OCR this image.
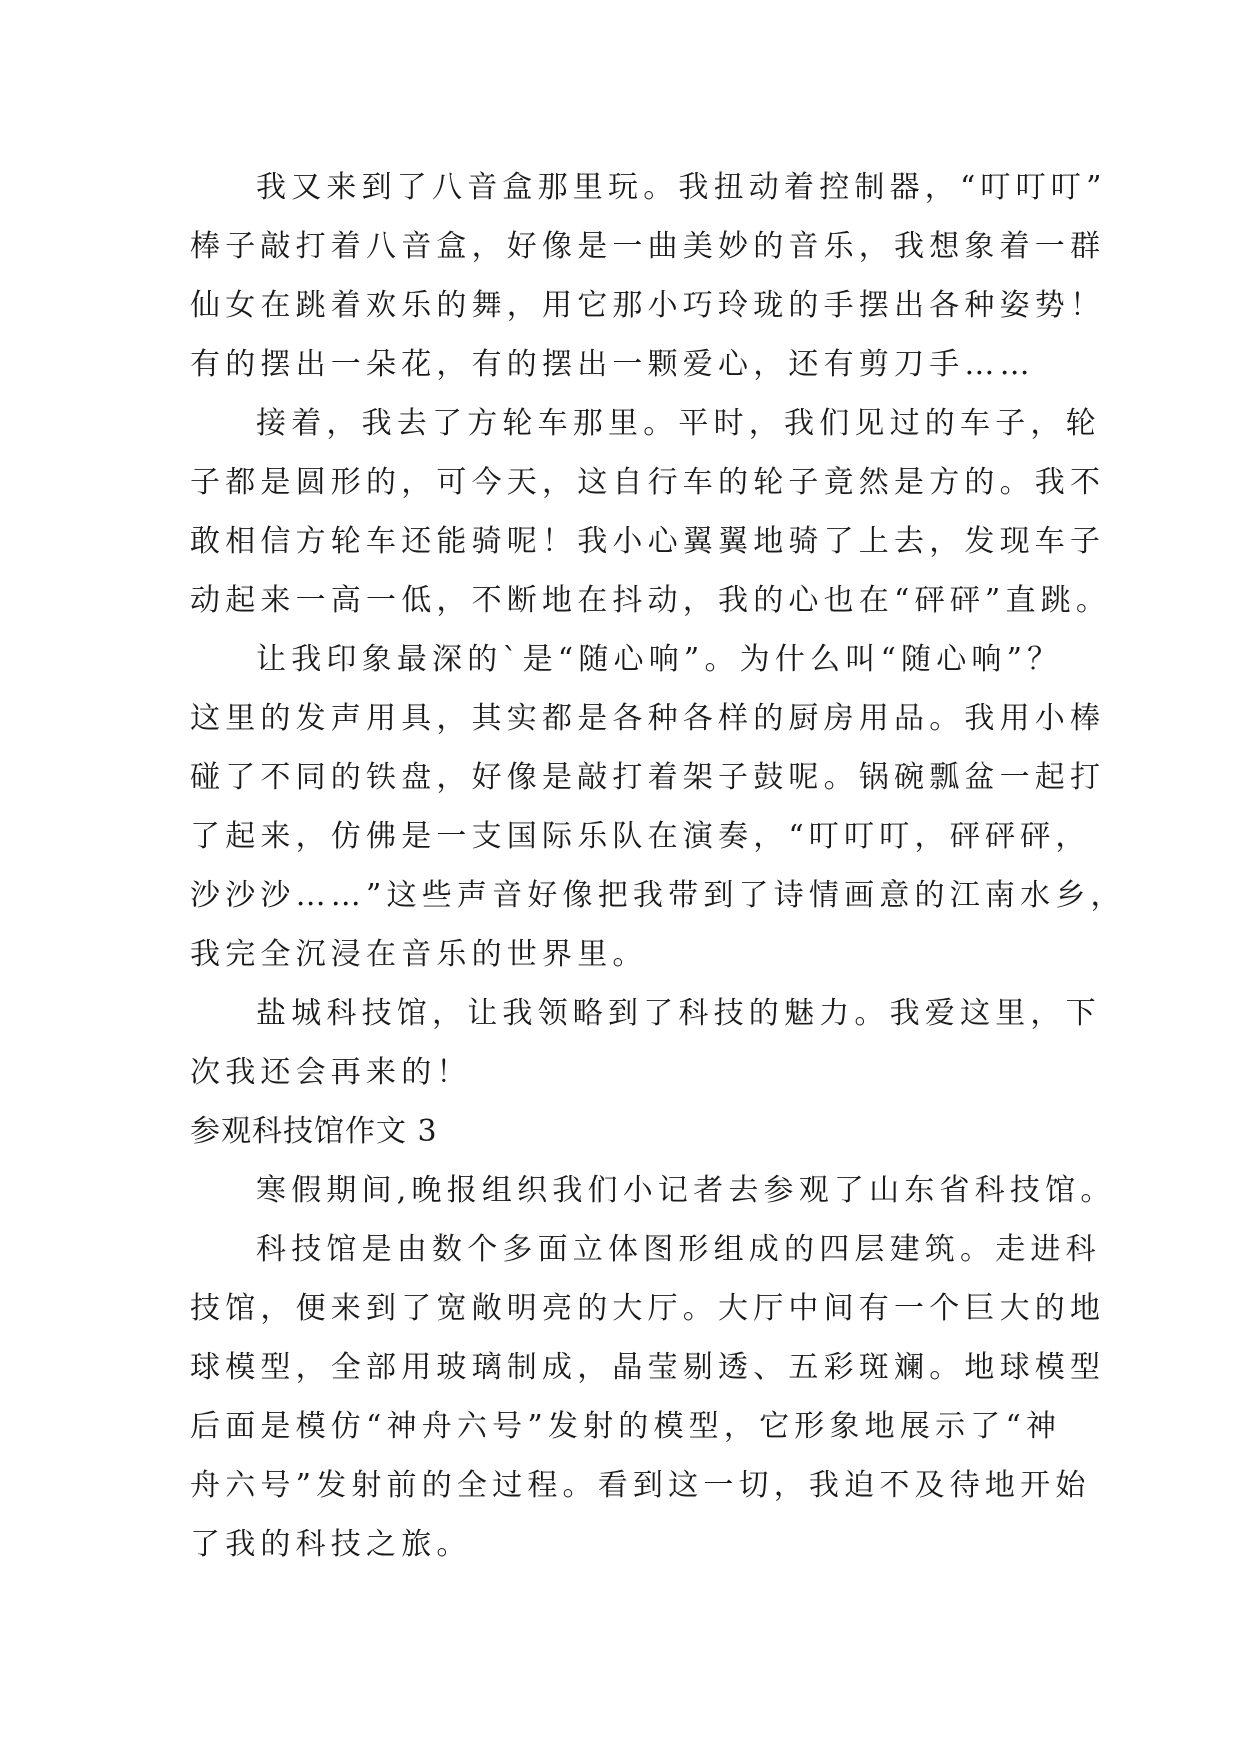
我又来到了八音盒那里玩。我扭动着控制器，“叮叮叮”
棒子敲打着八音盒，好像是一曲美妙的音乐，我想象着一群
仙女在跳着欢乐的舞，用它那小巧玲珑的手摆出各种姿势！
有的摆出一朵花，有的摆出一颗爱心，还有剪刀手……
接着，我去了方轮车那里。平时，我们见过的车子，轮
子都是圆形的，可今天，这自行车的轮子竟然是方的。我不
敢相信方轮车还能骑呢！我小心翼翼地骑了上去，发现车子
动起来一高一低，不断地在抖动，我的心也在“砰砰”直跳。
让我印象最深的`是“随心响”。为什么叫“随心响”？
这里的发声用具，其实都是各种各样的厨房用品。我用小棒
碰了不同的铁盘，好像是敲打着架子鼓呢。锅碗瓢盆一起打
了起来，仿佛是一支国际乐队在演奏，“叮叮叮，砰砰砰，
沙沙沙……”这些声音好像把我带到了诗情画意的江南水乡，
我完全沉浸在音乐的世界里。
盐城科技馆，让我领略到了科技的魅力。我爱这里，下
次我还会再来的！
参观科技馆作文 3
寒假期间,晚报组织我们小记者去参观了山东省科技馆。
科技馆是由数个多面立体图形组成的四层建筑。走进科
技馆，便来到了宽敞明亮的大厅。大厅中间有一个巨大的地
球模型，全部用玻璃制成，晶莹剔透、五彩斑斓。地球模型
后面是模仿“神舟六号”发射的模型，它形象地展示了“神
舟六号”发射前的全过程。看到这一切，我迫不及待地开始
了我的科技之旅。
